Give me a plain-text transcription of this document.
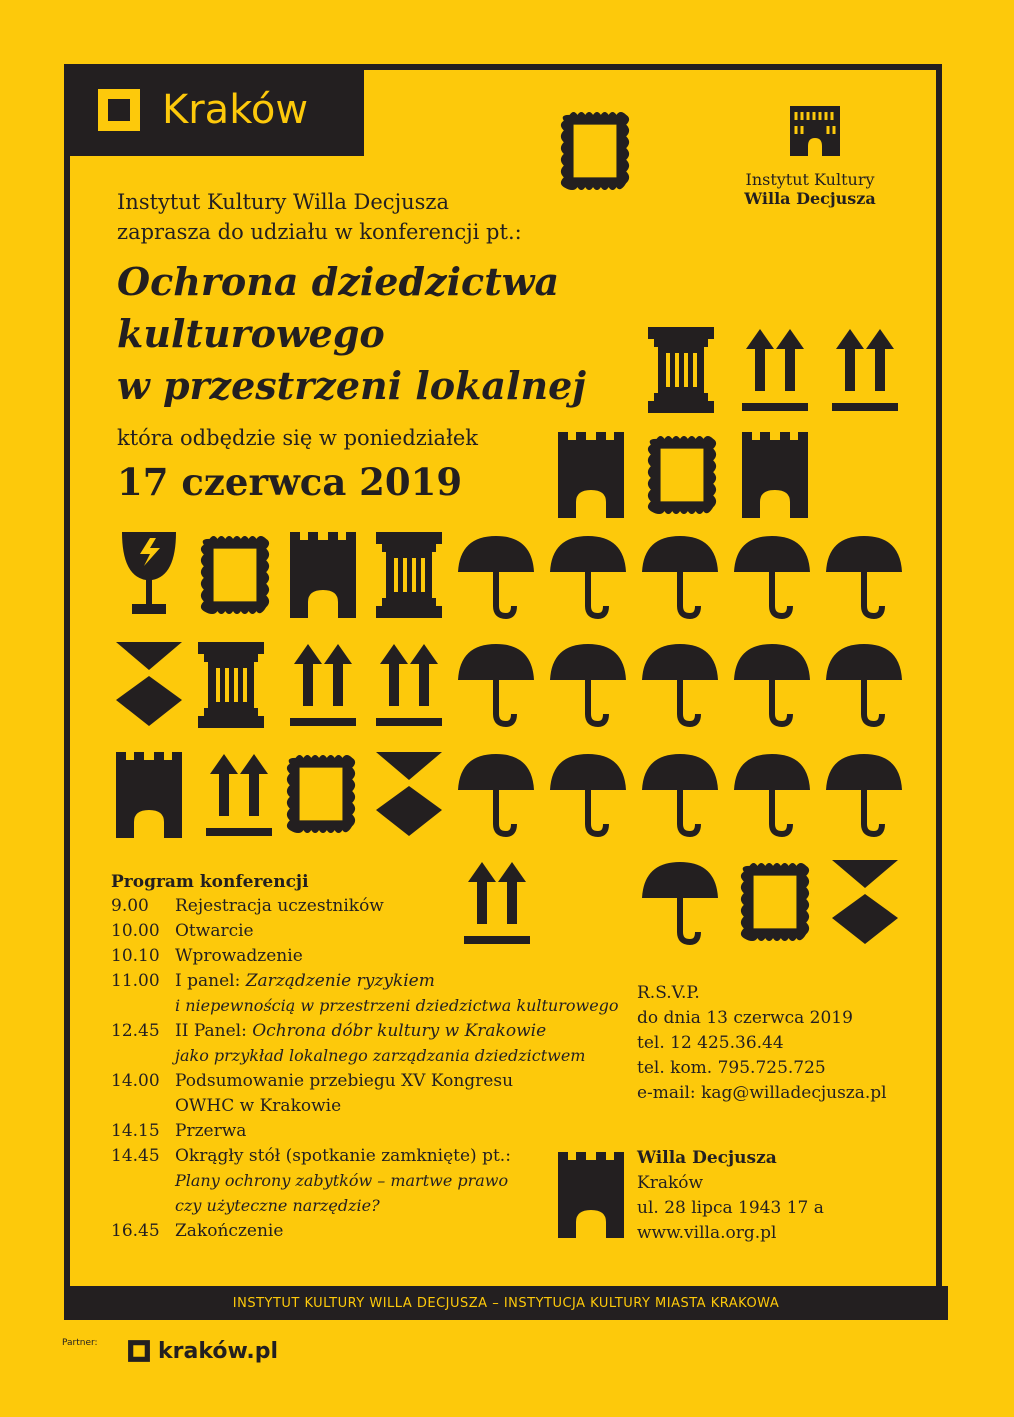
Kraków
Instytut Kultury
Willa Decjusza
Instytut Kultury Willa Decjusza
zaprasza do udziału w konferencji pt.:
Ochrona dziedzictwa
kulturowego
w przestrzeni lokalnej
która odbędzie się w poniedziałek
17 czerwca 2019
Program konferencji
9.00 Rejestracja uczestników
10.00 Otwarcie
10.10 Wprowadzenie
11.00 I panel: Zarządzenie ryzykiem
i niepewnością w przestrzeni dziedzictwa kulturowego
12.45 II Panel: Ochrona dóbr kultury w Krakowie
jako przykład lokalnego zarządzania dziedzictwem
14.00 Podsumowanie przebiegu XV Kongresu
OWHC w Krakowie
14.15 Przerwa
14.45 Okrągły stół (spotkanie zamknięte) pt.:
Plany ochrony zabytków – martwe prawo
czy użyteczne narzędzie?
16.45 Zakończenie
R.S.V.P.
do dnia 13 czerwca 2019
tel. 12 425.36.44
tel. kom. 795.725.725
e-mail: kag@willadecjusza.pl
Willa Decjusza
Kraków
ul. 28 lipca 1943 17 a
www.villa.org.pl
INSTYTUT KULTURY WILLA DECJUSZA – INSTYTUCJA KULTURY MIASTA KRAKOWA
Partner:	kraków.pl
